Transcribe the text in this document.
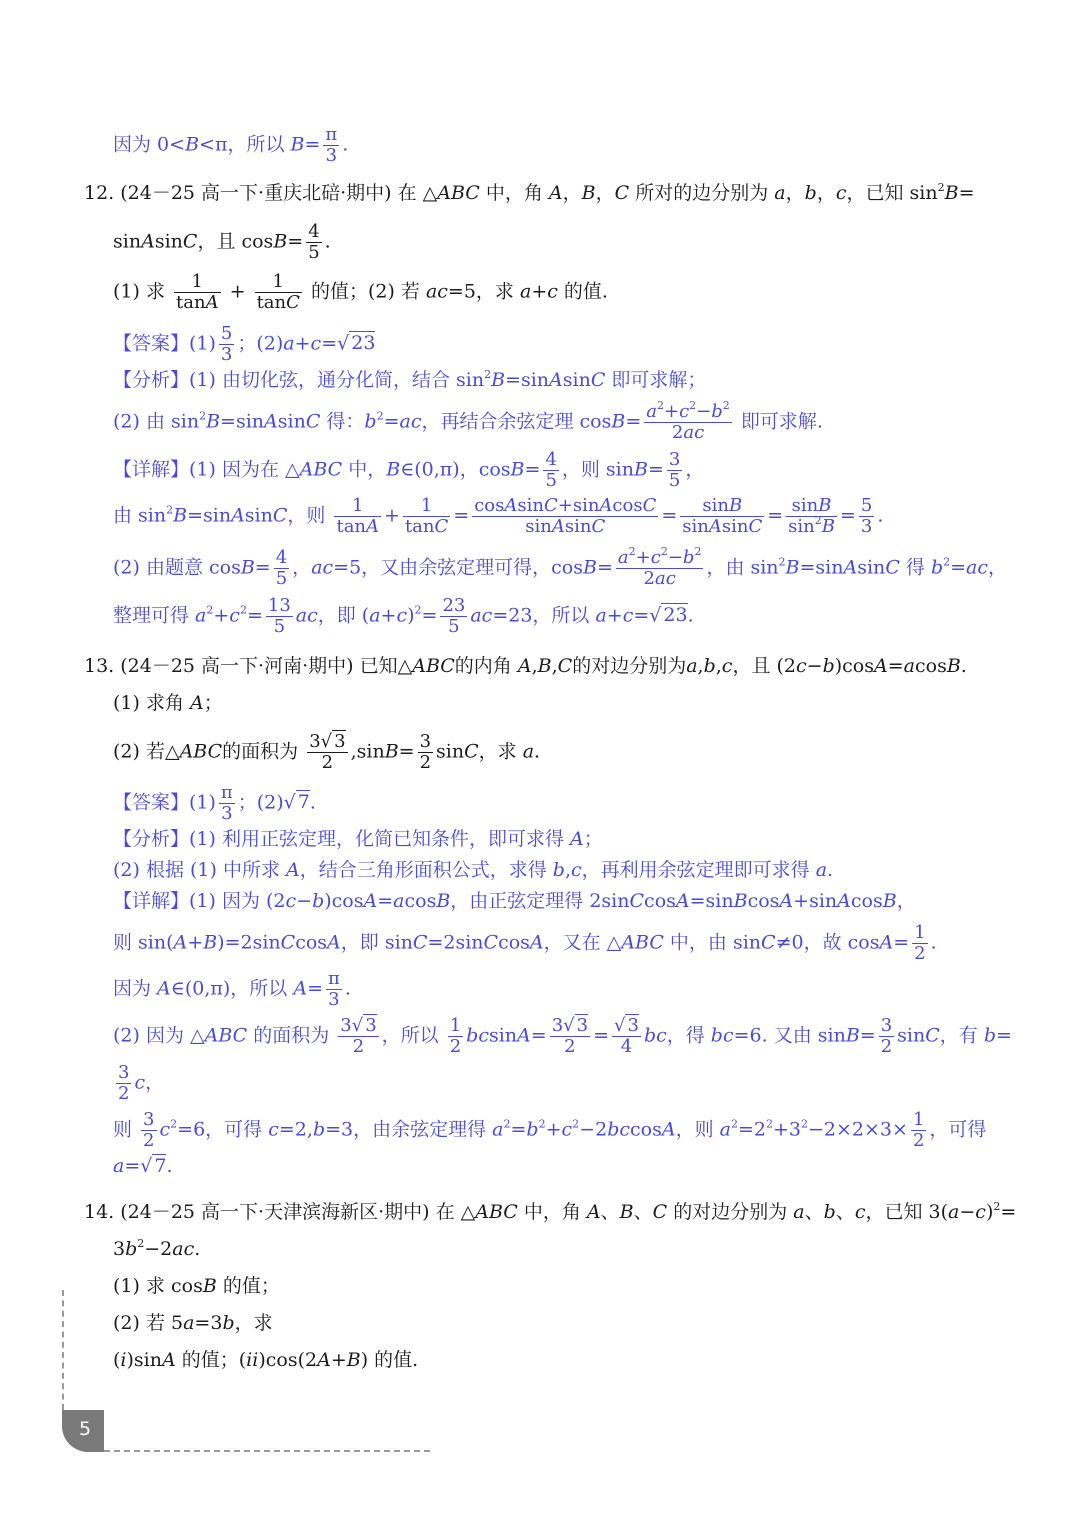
因为 0<B<π，所以 $B= \frac{\pi}{3}$ .
12. (24－25 高一下·重庆北碚·期中) 在 △ABC 中，角 A，B，C 所对的边分别为 a，b，c，已知 $\sin^2B=$
sinAsinC，且 $\cos B= \frac{4}{5}$ .
(1) 求 $\frac{1}{\tan A} + \frac{1}{\tan C}$ 的值；(2) 若 ac=5，求 a+c 的值.
【答案】$(1) \frac{5}{3}$ ；(2)a+c=√ 23
【分析】(1) 由切化弦，通分化简，结合 $\sin^2B=sinAsinC$ 即可求解；
(2) 由 $\sin^2B=sinAsinC$ 得：$b^2=ac$，再结合余弦定理 $\cos B= \frac{a^2+c^2-b^2}{2ac}$ 即可求解.
【详解】(1) 因为在 △ABC 中，B∈(0,π)，$\cos B= \frac{4}{5}$ ，则 $\sin B= \frac{3}{5}$ ，
由 $\sin^2B=sinAsinC$，则 $\frac{1}{\tan A} + \frac{1}{\tan C} = \frac{\text{cosAsinC+sinAcosC}}{\text{sinAsinC}} = \frac{\sin B}{\text{sinAsinC}} = \frac{\sin B}{\sin^2B} = \frac{5}{3}$ .
(2) 由题意 $\cos B= \frac{4}{5}$ ，ac=5，又由余弦定理可得，$\cos B= \frac{a^2+c^2-b^2}{2ac}$ ，由 $\sin^2B=sinAsinC$ 得 $b^2=ac$，
整理可得 $a^2+c^2= \frac{13}{5}$ ac，即 $(a+c)^2= \frac{23}{5} ac=23$，所以 a+c=√ 23.
13. (24－25 高一下·河南·期中) 已知△ABC的内角 A,B,C的对边分别为a,b,c，且 (2c−b)cosA=acosB.
(1) 求角 A；
(2) 若△ABC的面积为 $\frac{3√ 3}{2} ,\sin B= \frac{3}{2}$ sinC，求 a.
【答案】$(1) \frac{\pi}{3}$ ；(2)√ 7.
【分析】(1) 利用正弦定理，化简已知条件，即可求得 A；
(2) 根据 (1) 中所求 A，结合三角形面积公式，求得 b,c，再利用余弦定理即可求得 a.
【详解】(1) 因为 (2c−b)cosA=acosB，由正弦定理得 2sinCcosA=sinBcosA+sinAcosB，
则 sin(A+B)=2sinCcosA，即 sinC=2sinCcosA，又在 △ABC 中，由 sinC≠0，故 $\cos A= \frac{1}{2}$ .
因为 A∈(0,π)，所以 $A= \frac{\pi}{3}$ .
(2) 因为 △ABC 的面积为 $\frac{3√ 3}{2}$ ，所以 $\frac{1}{2} bcsinA= \frac{3√ 3}{2} = \frac{√ 3}{4}$ bc，得 bc=6. 又由 $\sin B= \frac{3}{2}$ sinC，有 b=
$\frac{3}{2}$ c，
则 $\frac{3}{2} c^2=6$，可得 c=2,b=3，由余弦定理得 $a^2=b^2+c^2-2bccosA$，则 $a^2=2^2+3^2-2\times 2\times 3\times \frac{1}{2}$ ，可得
a=√ 7.
14. (24－25 高一下·天津滨海新区·期中) 在 △ABC 中，角 A、B、C 的对边分别为 a、b、c，已知 $3(a-c)^2=$
$3b^2-2ac$.
(1) 求 cosB 的值；
(2) 若 5a=3b，求
(i)sinA 的值；(ii)cos(2A+B) 的值.
5
